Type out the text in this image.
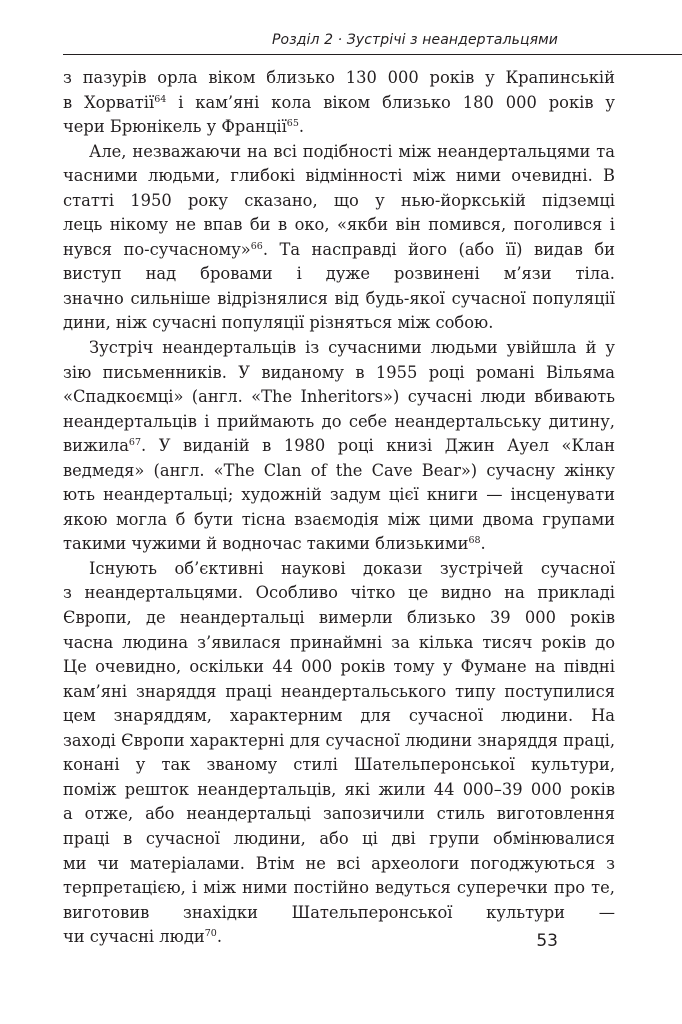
Розділ 2 · Зустрічі з неандертальцями
з пазурів орла віком близько 130 000 років у Крапинській
в Хорватії$^{64}$ і кам’яні кола віком близько 180 000 років у
чери Брюнікель у Франції$^{65}$.
Але, незважаючи на всі подібності між неандертальцями та
часними людьми, глибокі відмінності між ними очевидні. В
статті 1950 року сказано, що у нью-йоркській підземці
лець нікому не впав би в око, «якби він помився, поголився і
нувся по-сучасному»$^{66}$. Та насправді його (або її) видав би
виступ над бровами і дуже розвинені м’язи тіла.
значно сильніше відрізнялися від будь-якої сучасної популяції
дини, ніж сучасні популяції різняться між собою.
Зустріч неандертальців із сучасними людьми увійшла й у
зію письменників. У виданому в 1955 році романі Вільяма
«Спадкоємці» (англ. «The Inheritors») сучасні люди вбивають
неандертальців і приймають до себе неандертальську дитину,
вижила$^{67}$. У виданій в 1980 році книзі Джин Ауел «Клан
ведмедя» (англ. «The Clan of the Cave Bear») сучасну жінку
ють неандертальці; художній задум цієї книги — інсценувати
якою могла б бути тісна взаємодія між цими двома групами
такими чужими й водночас такими близькими$^{68}$.
Існують об’єктивні наукові докази зустрічей сучасної
з неандертальцями. Особливо чітко це видно на прикладі
Європи, де неандертальці вимерли близько 39 000 років
часна людина з’явилася принаймні за кілька тисяч років до
Це очевидно, оскільки 44 000 років тому у Фумане на півдні
кам’яні знаряддя праці неандертальського типу поступилися
цем знаряддям, характерним для сучасної людини. На
заході Європи характерні для сучасної людини знаряддя праці,
конані у так званому стилі Шательперонської культури,
поміж решток неандертальців, які жили 44 000–39 000 років
а отже, або неандертальці запозичили стиль виготовлення
праці в сучасної людини, або ці дві групи обмінювалися
ми чи матеріалами. Втім не всі археологи погоджуються з
терпретацією, і між ними постійно ведуться суперечки про те,
виготовив знахідки Шательперонської культури —
чи сучасні люди$^{70}$.	53
